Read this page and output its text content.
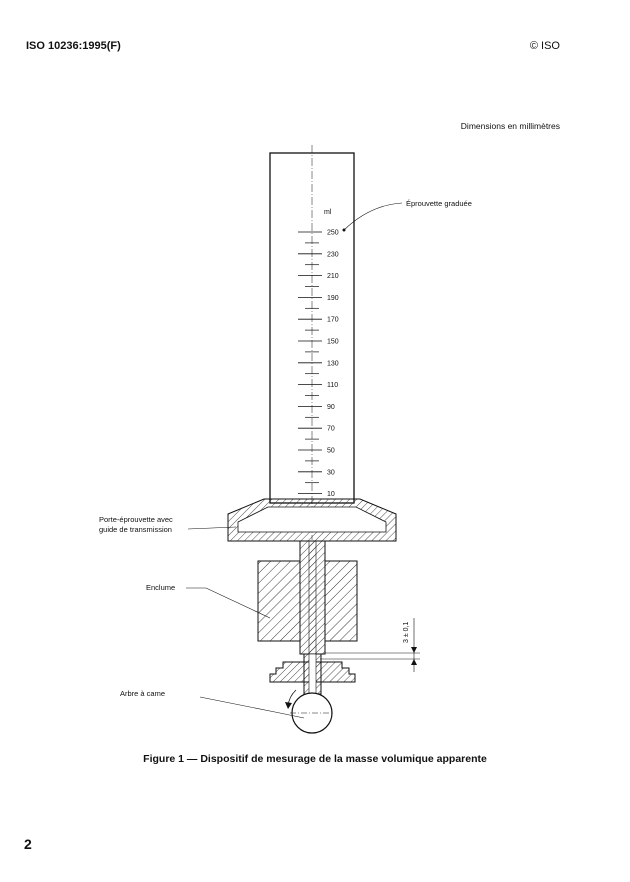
ISO 10236:1995(F)	© ISO
Dimensions en millimètres
ml
250
230
210
190
170
150
130
110
90
70
50
30
10
Éprouvette graduée
Porte-éprouvette avec
guide de transmission
Enclume
3 ± 0,1
Arbre à came
Figure 1 — Dispositif de mesurage de la masse volumique apparente
2
